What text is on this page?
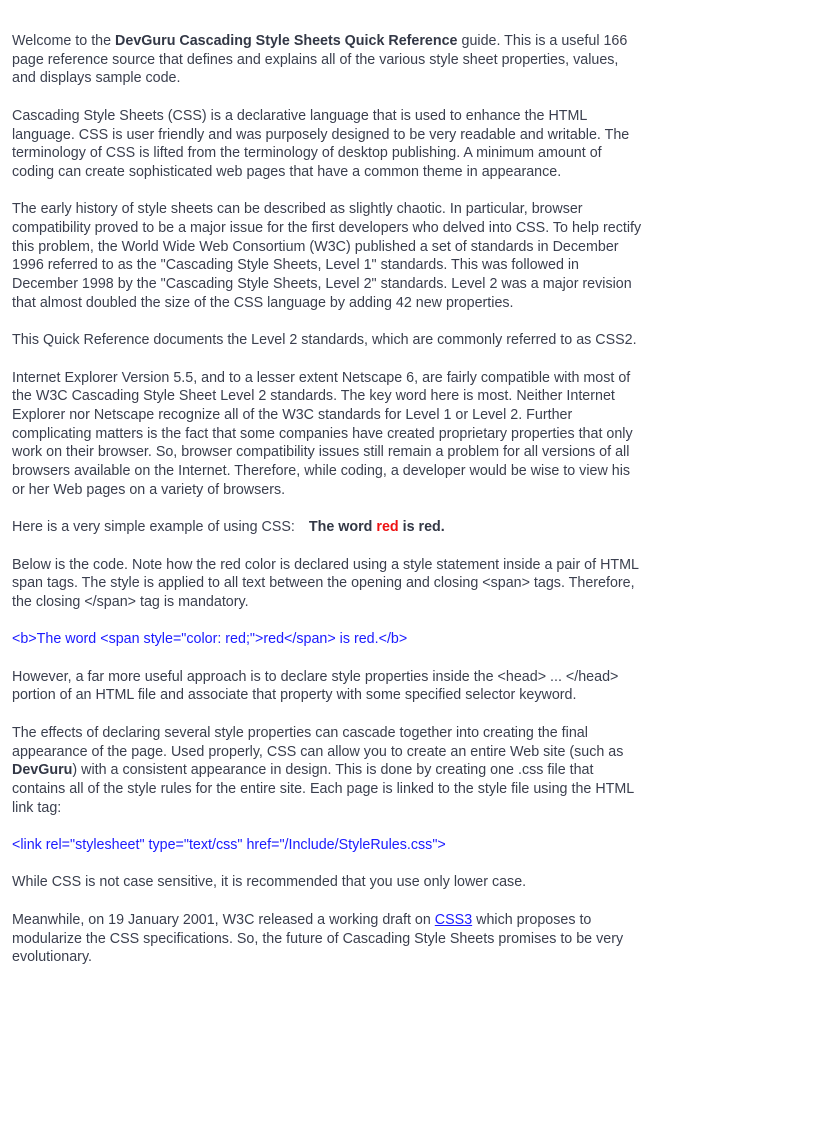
Welcome to the DevGuru Cascading Style Sheets Quick Reference guide. This is a useful 166 page reference source that defines and explains all of the various style sheet properties, values, and displays sample code.

Cascading Style Sheets (CSS) is a declarative language that is used to enhance the HTML language. CSS is user friendly and was purposely designed to be very readable and writable. The terminology of CSS is lifted from the terminology of desktop publishing. A minimum amount of coding can create sophisticated web pages that have a common theme in appearance.

The early history of style sheets can be described as slightly chaotic. In particular, browser compatibility proved to be a major issue for the first developers who delved into CSS. To help rectify this problem, the World Wide Web Consortium (W3C) published a set of standards in December 1996 referred to as the "Cascading Style Sheets, Level 1" standards. This was followed in December 1998 by the "Cascading Style Sheets, Level 2" standards. Level 2 was a major revision that almost doubled the size of the CSS language by adding 42 new properties.

This Quick Reference documents the Level 2 standards, which are commonly referred to as CSS2.

Internet Explorer Version 5.5, and to a lesser extent Netscape 6, are fairly compatible with most of the W3C Cascading Style Sheet Level 2 standards. The key word here is most. Neither Internet Explorer nor Netscape recognize all of the W3C standards for Level 1 or Level 2. Further complicating matters is the fact that some companies have created proprietary properties that only work on their browser. So, browser compatibility issues still remain a problem for all versions of all browsers available on the Internet. Therefore, while coding, a developer would be wise to view his or her Web pages on a variety of browsers.

Here is a very simple example of using CSS: The word red is red.

Below is the code. Note how the red color is declared using a style statement inside a pair of HTML span tags. The style is applied to all text between the opening and closing <span> tags. Therefore, the closing </span> tag is mandatory.

<b>The word <span style="color: red;">red</span> is red.</b>

However, a far more useful approach is to declare style properties inside the <head> ... </head> portion of an HTML file and associate that property with some specified selector keyword.

The effects of declaring several style properties can cascade together into creating the final appearance of the page. Used properly, CSS can allow you to create an entire Web site (such as DevGuru) with a consistent appearance in design. This is done by creating one .css file that contains all of the style rules for the entire site. Each page is linked to the style file using the HTML link tag:

<link rel="stylesheet" type="text/css" href="/Include/StyleRules.css">

While CSS is not case sensitive, it is recommended that you use only lower case.

Meanwhile, on 19 January 2001, W3C released a working draft on CSS3 which proposes to modularize the CSS specifications. So, the future of Cascading Style Sheets promises to be very evolutionary.
